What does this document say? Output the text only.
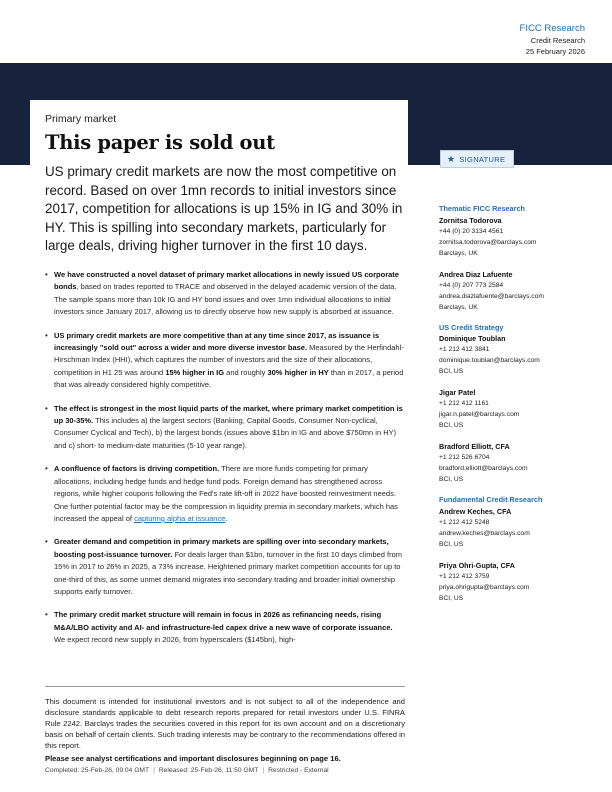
FICC Research
Credit Research
25 February 2026
Primary market
This paper is sold out
US primary credit markets are now the most competitive on record. Based on over 1mn records to initial investors since 2017, competition for allocations is up 15% in IG and 30% in HY. This is spilling into secondary markets, particularly for large deals, driving higher turnover in the first 10 days.
• We have constructed a novel dataset of primary market allocations in newly issued US corporate bonds, based on trades reported to TRACE and observed in the delayed academic version of the data. The sample spans more than 10k IG and HY bond issues and over 1mn individual allocations to initial investors since January 2017, allowing us to directly observe how new supply is absorbed at issuance.
• US primary credit markets are more competitive than at any time since 2017, as issuance is increasingly "sold out" across a wider and more diverse investor base. Measured by the Herfindahl-Hirschman Index (HHI), which captures the number of investors and the size of their allocations, competition in H1 25 was around 15% higher in IG and roughly 30% higher in HY than in 2017, a period that was already considered highly competitive.
• The effect is strongest in the most liquid parts of the market, where primary market competition is up 30-35%. This includes a) the largest sectors (Banking, Capital Goods, Consumer Non-cyclical, Consumer Cyclical and Tech), b) the largest bonds (issues above $1bn in IG and above $750mn in HY) and c) short- to medium-date maturities (5-10 year range).
• A confluence of factors is driving competition. There are more funds competing for primary allocations, including hedge funds and hedge fund pods. Foreign demand has strengthened across regions, while higher coupons following the Fed's rate lift-off in 2022 have boosted reinvestment needs. One further potential factor may be the compression in liquidity premia in secondary markets, which has increased the appeal of capturing alpha at issuance.
• Greater demand and competition in primary markets are spilling over into secondary markets, boosting post-issuance turnover. For deals larger than $1bn, turnover in the first 10 days climbed from 15% in 2017 to 26% in 2025, a 73% increase. Heightened primary market competition accounts for up to one-third of this, as some unmet demand migrates into secondary trading and broader initial ownership supports early turnover.
• The primary credit market structure will remain in focus in 2026 as refinancing needs, rising M&A/LBO activity and AI- and infrastructure-led capex drive a new wave of corporate issuance. We expect record new supply in 2026, from hyperscalers ($145bn), high-
★ SIGNATURE
Thematic FICC Research
Zornitsa Todorova
+44 (0) 20 3134 4561
zornitsa.todorova@barclays.com
Barclays, UK
Andrea Diaz Lafuente
+44 (0) 207 773 2584
andrea.diazlafuente@barclays.com
Barclays, UK
US Credit Strategy
Dominique Toublan
+1 212 412 3841
dominique.toublan@barclays.com
BCI, US
Jigar Patel
+1 212 412 1161
jigar.n.patel@barclays.com
BCI, US
Bradford Elliott, CFA
+1 212 526 6704
bradford.elliott@barclays.com
BCI, US
Fundamental Credit Research
Andrew Keches, CFA
+1 212 412 5248
andrew.keches@barclays.com
BCI, US
Priya Ohri-Gupta, CFA
+1 212 412 3759
priya.ohrigupta@barclays.com
BCI, US
This document is intended for institutional investors and is not subject to all of the independence and disclosure standards applicable to debt research reports prepared for retail investors under U.S. FINRA Rule 2242. Barclays trades the securities covered in this report for its own account and on a discretionary basis on behalf of certain clients. Such trading interests may be contrary to the recommendations offered in this report.
Please see analyst certifications and important disclosures beginning on page 16.
Completed: 25-Feb-26, 09:04 GMT | Released: 25-Feb-26, 11:50 GMT | Restricted - External
